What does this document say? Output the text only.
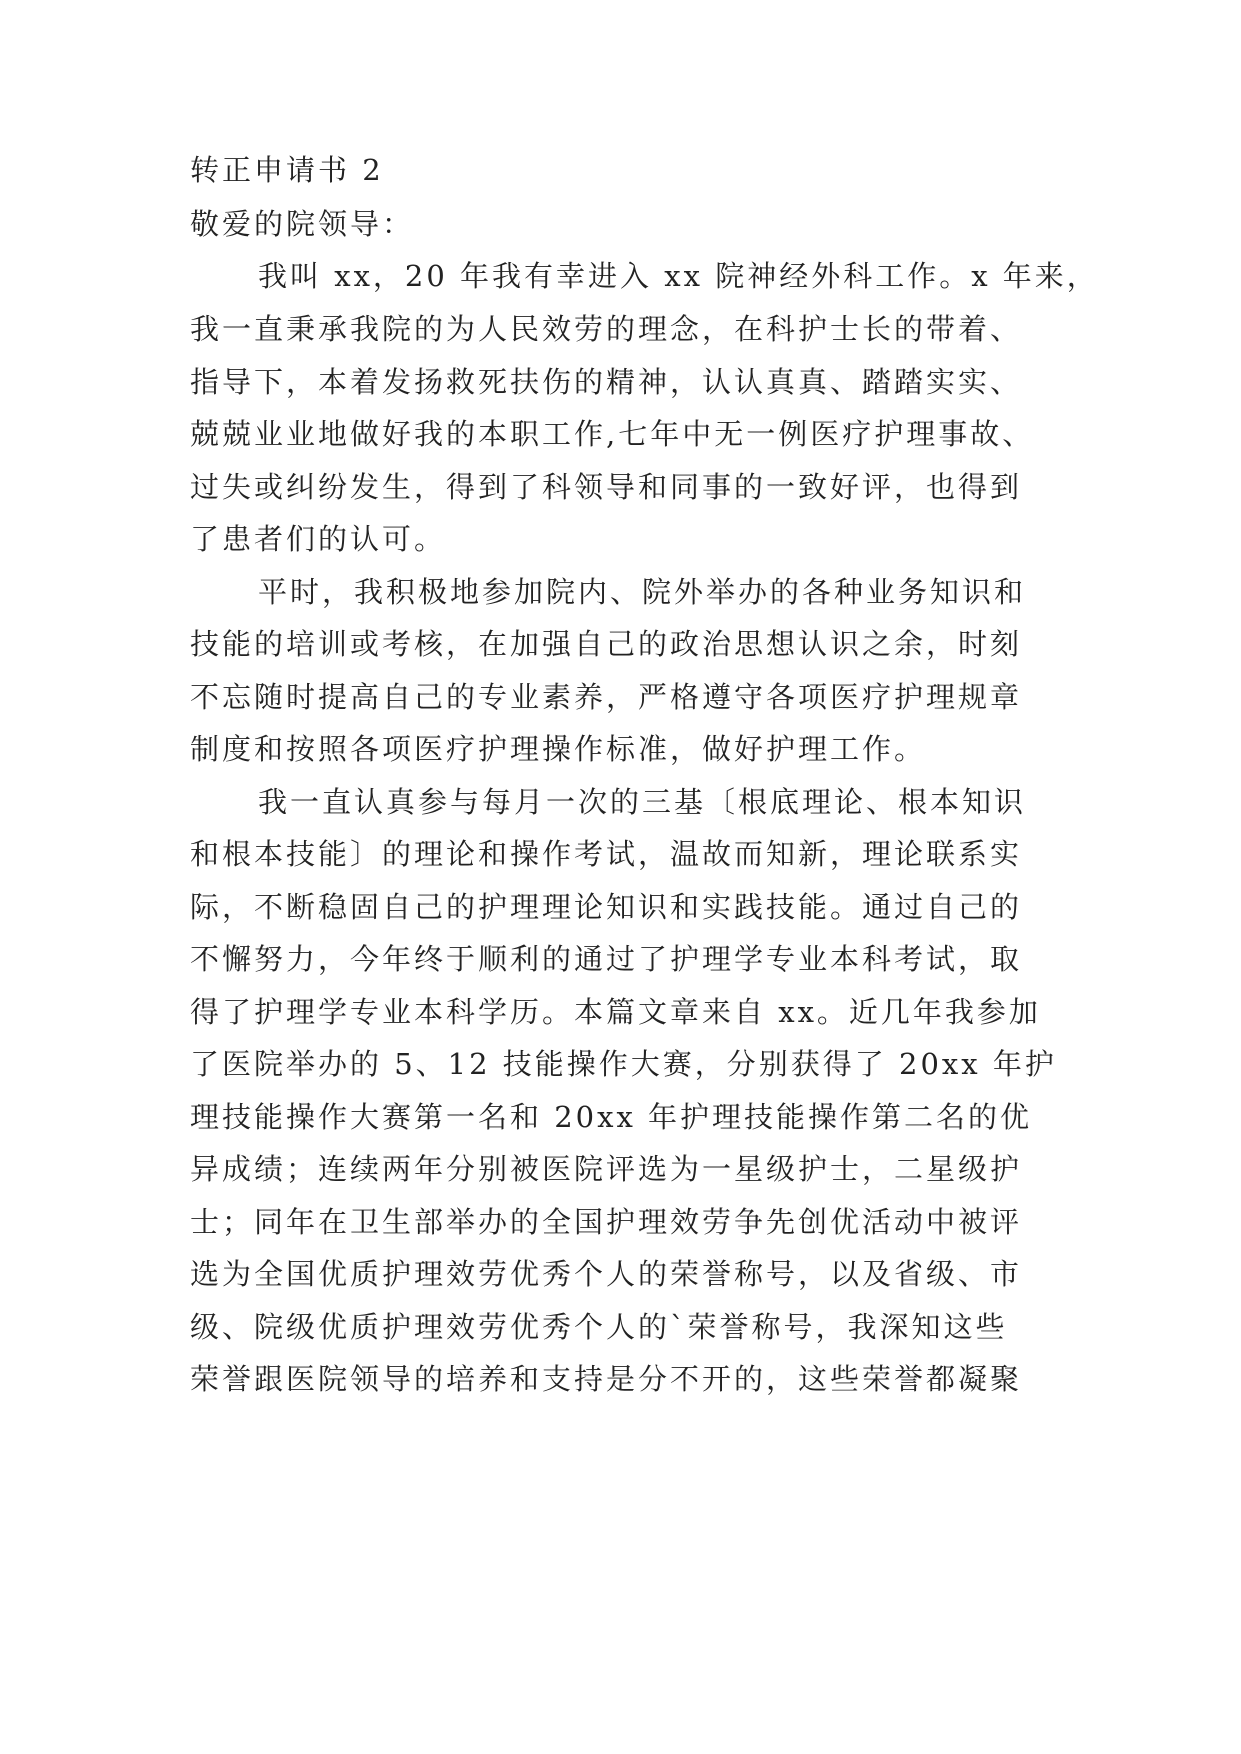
转正申请书 2
敬爱的院领导：
我叫 xx，20 年我有幸进入 xx 院神经外科工作。x 年来，
我一直秉承我院的为人民效劳的理念，在科护士长的带着、
指导下，本着发扬救死扶伤的精神，认认真真、踏踏实实、
兢兢业业地做好我的本职工作,七年中无一例医疗护理事故、
过失或纠纷发生，得到了科领导和同事的一致好评，也得到
了患者们的认可。
平时，我积极地参加院内、院外举办的各种业务知识和
技能的培训或考核，在加强自己的政治思想认识之余，时刻
不忘随时提高自己的专业素养，严格遵守各项医疗护理规章
制度和按照各项医疗护理操作标准，做好护理工作。
我一直认真参与每月一次的三基〔根底理论、根本知识
和根本技能〕的理论和操作考试，温故而知新，理论联系实
际，不断稳固自己的护理理论知识和实践技能。通过自己的
不懈努力，今年终于顺利的通过了护理学专业本科考试，取
得了护理学专业本科学历。本篇文章来自 xx。近几年我参加
了医院举办的 5、12 技能操作大赛，分别获得了 20xx 年护
理技能操作大赛第一名和 20xx 年护理技能操作第二名的优
异成绩；连续两年分别被医院评选为一星级护士，二星级护
士；同年在卫生部举办的全国护理效劳争先创优活动中被评
选为全国优质护理效劳优秀个人的荣誉称号，以及省级、市
级、院级优质护理效劳优秀个人的`荣誉称号，我深知这些
荣誉跟医院领导的培养和支持是分不开的，这些荣誉都凝聚
